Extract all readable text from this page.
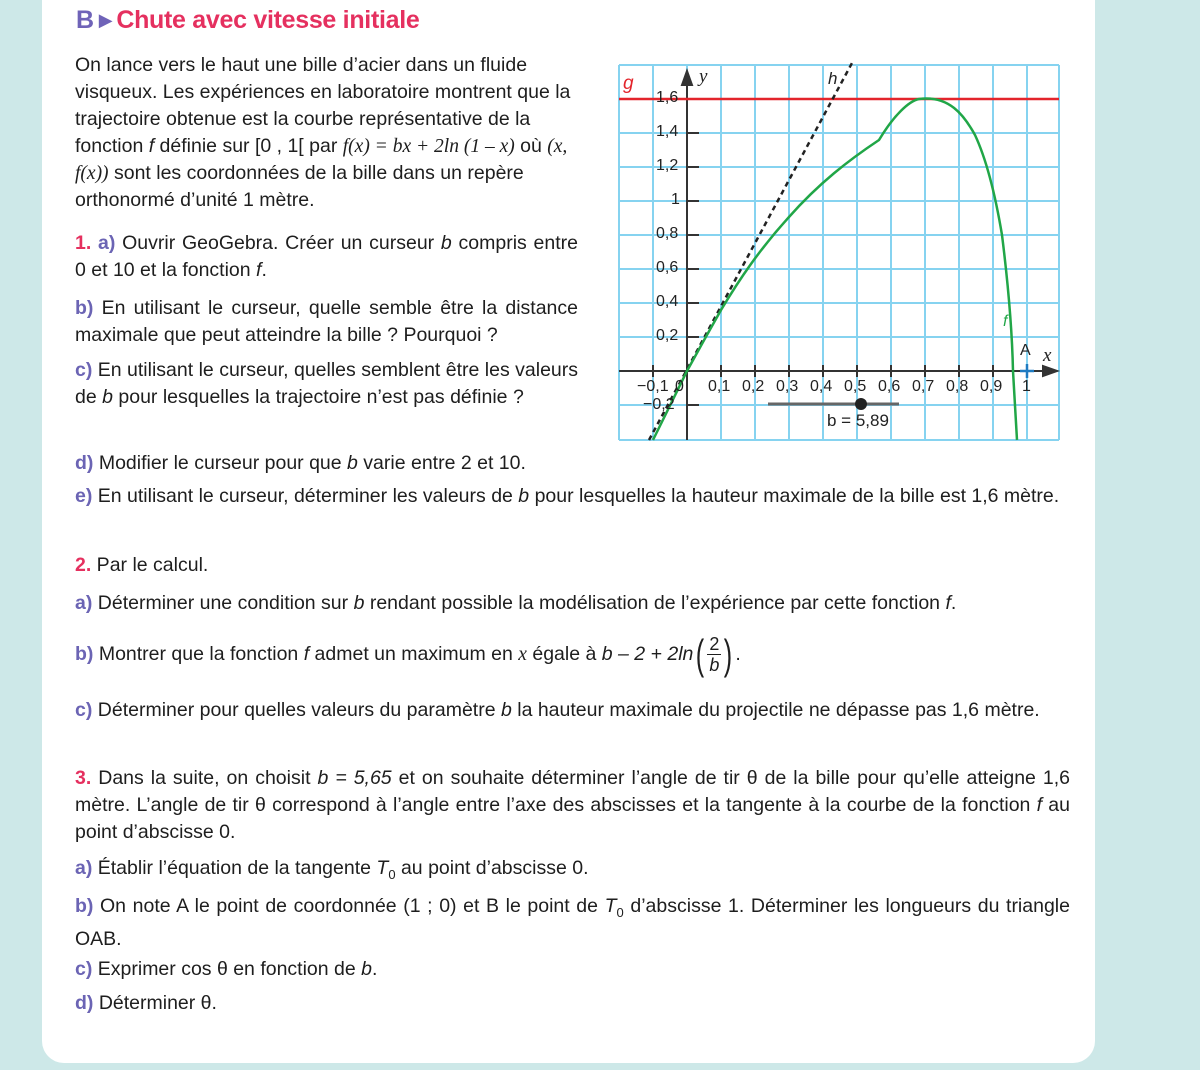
B ▶ Chute avec vitesse initiale
On lance vers le haut une bille d’acier dans un fluide visqueux. Les expériences en laboratoire montrent que la trajectoire obtenue est la courbe représentative de la fonction f définie sur [0 , 1[ par f(x) = bx + 2ln (1 – x) où (x, f(x)) sont les coordonnées de la bille dans un repère orthonormé d’unité 1 mètre.
1. a) Ouvrir GeoGebra. Créer un curseur b compris entre 0 et 10 et la fonction f.
b) En utilisant le curseur, quelle semble être la distance maximale que peut atteindre la bille ? Pourquoi ?
c) En utilisant le curseur, quelles semblent être les valeurs de b pour lesquelles la trajectoire n’est pas définie ?
d) Modifier le curseur pour que b varie entre 2 et 10.
e) En utilisant le curseur, déterminer les valeurs de b pour lesquelles la hauteur maximale de la bille est 1,6 mètre.
2. Par le calcul.
a) Déterminer une condition sur b rendant possible la modélisation de l’expérience par cette fonction f.
b) Montrer que la fonction f admet un maximum en x égale à b – 2 + 2ln ( $\frac{2}{b}$ ) .
c) Déterminer pour quelles valeurs du paramètre b la hauteur maximale du projectile ne dépasse pas 1,6 mètre.
3. Dans la suite, on choisit b = 5,65 et on souhaite déterminer l’angle de tir θ de la bille pour qu’elle atteigne 1,6 mètre. L’angle de tir θ correspond à l’angle entre l’axe des abscisses et la tangente à la courbe de la fonction f au point d’abscisse 0.
a) Établir l’équation de la tangente $T_0$ au point d’abscisse 0.
b) On note A le point de coordonnée (1 ; 0) et B le point de $T_0$ d’abscisse 1. Déterminer les longueurs du triangle OAB.
c) Exprimer cos θ en fonction de b.
d) Déterminer θ.
g	y	h
f
A x
1,6
1,4
1,2
1
0,8
0,6
0,4
0,2
−0,2
−0,1 0 0,1 0,2 0,3 0,4 0,5 0,6 0,7 0,8 0,9 1
b = 5,89
